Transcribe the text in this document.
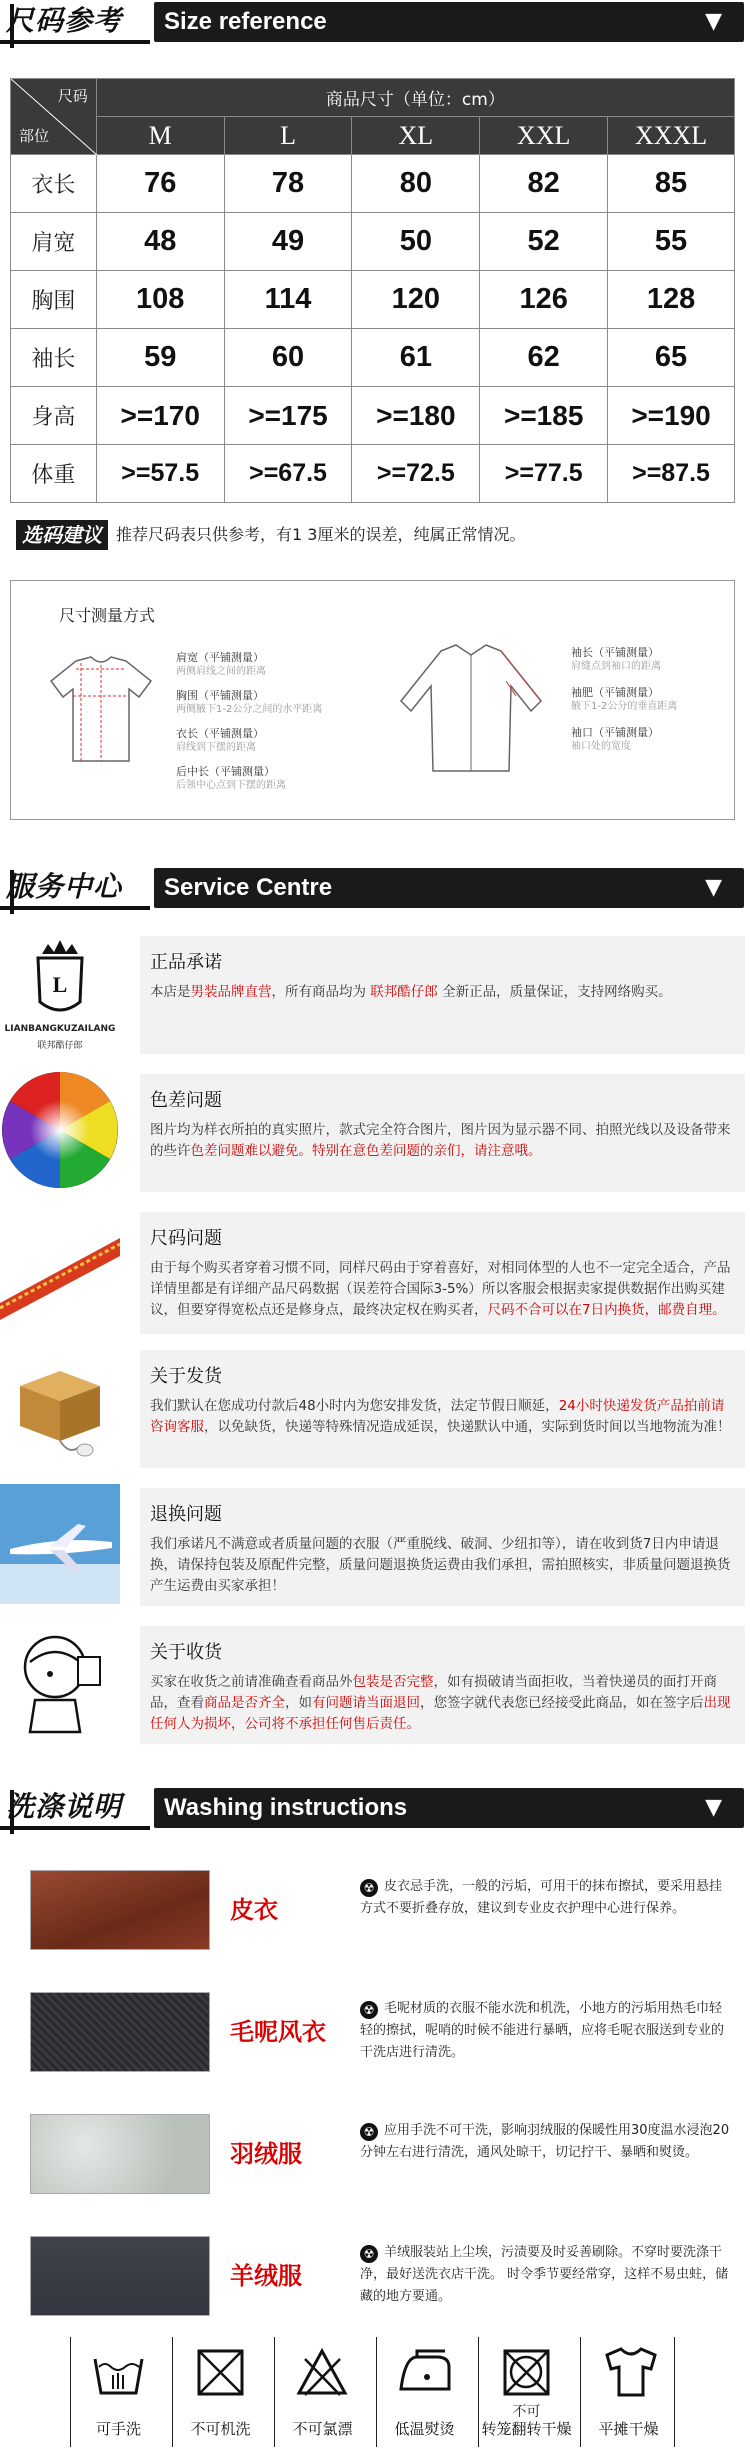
尺码参考	Size reference	▼
尺码
部位	商品尺寸（单位：cm）				
	M	L	XL	XXL	XXXL
衣长	76	78	80	82	85
肩宽	48	49	50	52	55
胸围	108	114	120	126	128
袖长	59	60	61	62	65
身高	>=170	>=175	>=180	>=185	>=190
体重	>=57.5	>=67.5	>=72.5	>=77.5	>=87.5
选码建议 推荐尺码表只供参考，有1 3厘米的误差，纯属正常情况。
尺寸测量方式
肩宽（平铺测量）
两侧肩线之间的距离
胸围（平铺测量）
两侧腋下1-2公分之间的水平距离
衣长（平铺测量）
肩线到下摆的距离
后中长（平铺测量）
后领中心点到下摆的距离
袖长（平铺测量）
肩缝点到袖口的距离
袖肥（平铺测量）
腋下1-2公分的垂直距离
袖口（平铺测量）
袖口处的宽度
服务中心	Service Centre	▼
L
LIANBANGKUZAILANG
联邦酷仔郎
正品承诺

本店是男装品牌直营，所有商品均为 联邦酷仔郎 全新正品，质量保证，支持网络购买。

色差问题

图片均为样衣所拍的真实照片，款式完全符合图片，图片因为显示器不同、拍照光线以及设备带来的些许色差问题难以避免。特别在意色差问题的亲们，请注意哦。

尺码问题

由于每个购买者穿着习惯不同，同样尺码由于穿着喜好，对相同体型的人也不一定完全适合，产品详情里都是有详细产品尺码数据（误差符合国际3-5%）所以客服会根据卖家提供数据作出购买建议，但要穿得宽松点还是修身点，最终决定权在购买者，尺码不合可以在7日内换货，邮费自理。

关于发货

我们默认在您成功付款后48小时内为您安排发货，法定节假日顺延，24小时快递发货产品拍前请咨询客服，以免缺货，快递等特殊情况造成延误，快递默认中通，实际到货时间以当地物流为准！

退换问题

我们承诺凡不满意或者质量问题的衣服（严重脱线、破洞、少纽扣等），请在收到货7日内申请退换，请保持包装及原配件完整，质量问题退换货运费由我们承担，需拍照核实，非质量问题退换货产生运费由买家承担！

关于收货

买家在收货之前请准确查看商品外包装是否完整，如有损破请当面拒收，当着快递员的面打开商品，查看商品是否齐全，如有问题请当面退回，您签字就代表您已经接受此商品，如在签字后出现任何人为损坏，公司将不承担任何售后责任。

洗涤说明	Washing instructions	▼
皮衣
☢ 皮衣忌手洗，一般的污垢，可用干的抹布擦拭，要采用悬挂方式不要折叠存放，建议到专业皮衣护理中心进行保养。
毛呢风衣
☢ 毛呢材质的衣服不能水洗和机洗，小地方的污垢用热毛巾轻轻的擦拭，呢哨的时候不能进行暴晒，应将毛呢衣服送到专业的干洗店进行清洗。
羽绒服
☢ 应用手洗不可干洗，影响羽绒服的保暖性用30度温水浸泡20分钟左右进行清洗，通风处晾干，切记拧干、暴晒和熨烫。
羊绒服
☢ 羊绒服装站上尘埃，污渍要及时妥善刷除。不穿时要洗涤干净，最好送洗衣店干洗。 时令季节要经常穿，这样不易虫蛀，储藏的地方要通。
可手洗	不可机洗	不可氯漂	低温熨烫
不可
转笼翻转干燥	平摊干燥
